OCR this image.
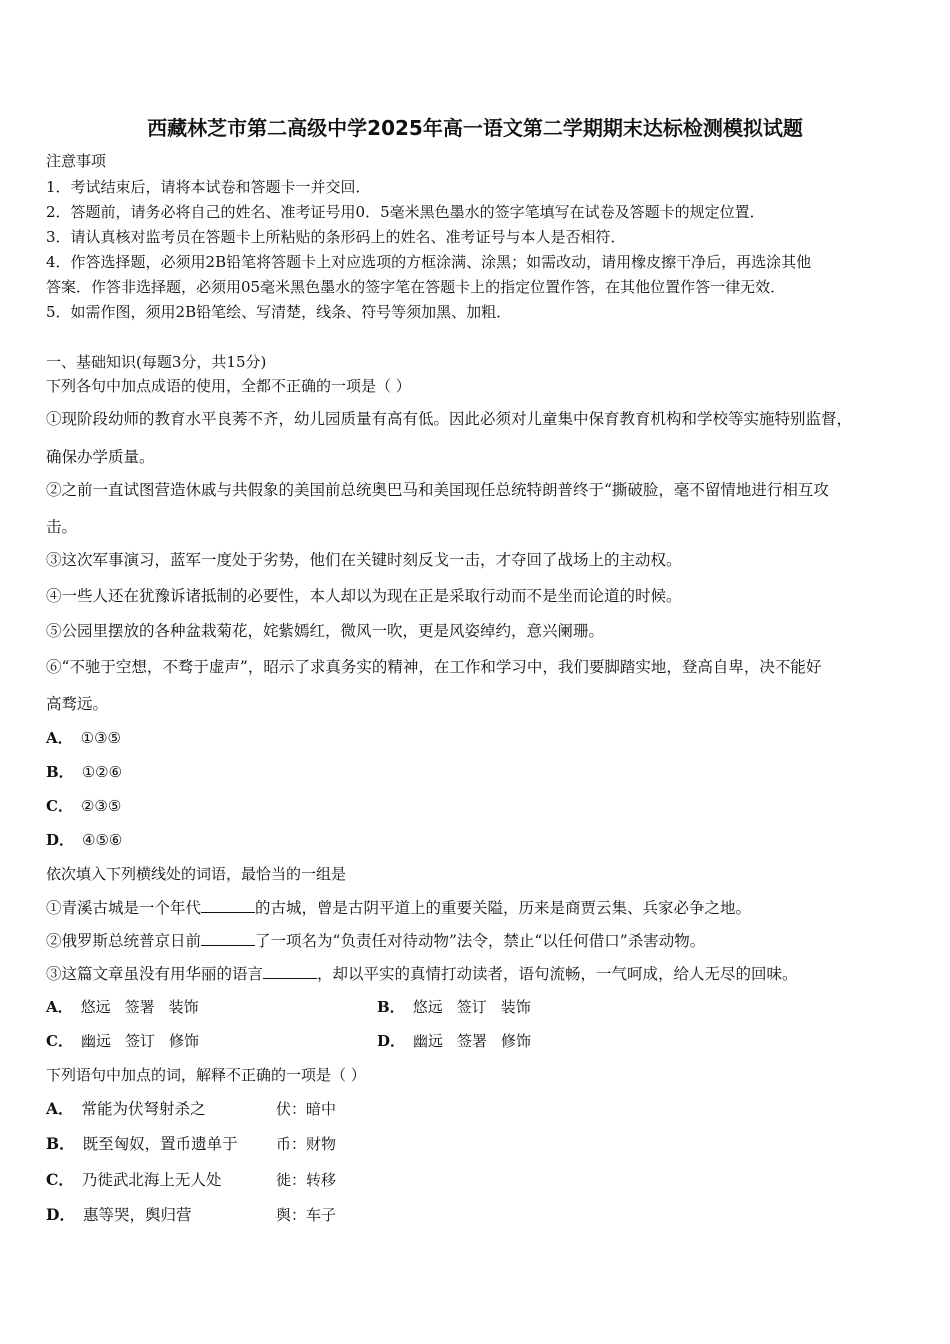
西藏林芝市第二高级中学2025年高一语文第二学期期末达标检测模拟试题
注意事项
1．考试结束后，请将本试卷和答题卡一并交回．
2．答题前，请务必将自己的姓名、准考证号用0．5毫米黑色墨水的签字笔填写在试卷及答题卡的规定位置．
3．请认真核对监考员在答题卡上所粘贴的条形码上的姓名、准考证号与本人是否相符．
4．作答选择题，必须用2B铅笔将答题卡上对应选项的方框涂满、涂黑；如需改动，请用橡皮擦干净后，再选涂其他
答案．作答非选择题，必须用05毫米黑色墨水的签字笔在答题卡上的指定位置作答，在其他位置作答一律无效．
5．如需作图，须用2B铅笔绘、写清楚，线条、符号等须加黑、加粗．
一、基础知识(每题3分，共15分)
下列各句中加点成语的使用，全都不正确的一项是（ ）
①现阶段幼师的教育水平良莠不齐，幼儿园质量有高有低。因此必须对儿童集中保育教育机构和学校等实施特别监督，
确保办学质量。
②之前一直试图营造休戚与共假象的美国前总统奥巴马和美国现任总统特朗普终于“撕破脸，毫不留情地进行相互攻
击。
③这次军事演习，蓝军一度处于劣势，他们在关键时刻反戈一击，才夺回了战场上的主动权。
④一些人还在犹豫诉诸抵制的必要性，本人却以为现在正是采取行动而不是坐而论道的时候。
⑤公园里摆放的各种盆栽菊花，姹紫嫣红，微风一吹，更是风姿绰约，意兴阑珊。
⑥“不驰于空想，不骛于虚声”，昭示了求真务实的精神，在工作和学习中，我们要脚踏实地，登高自卑，决不能好
高骛远。
A． ①③⑤
B． ①②⑥
C． ②③⑤
D． ④⑤⑥
依次填入下列横线处的词语，最恰当的一组是
①青溪古城是一个年代	的古城，曾是古阴平道上的重要关隘，历来是商贾云集、兵家必争之地。
②俄罗斯总统普京日前	了一项名为“负责任对待动物”法令，禁止“以任何借口”杀害动物。
③这篇文章虽没有用华丽的语言	，却以平实的真情打动读者，语句流畅，一气呵成，给人无尽的回味。
A． 悠远 签署 装饰	B． 悠远 签订 装饰
C． 幽远 签订 修饰	D． 幽远 签署 修饰
下列语句中加点的词，解释不正确的一项是（ ）
A． 常能为伏弩射杀之	伏：暗中
B． 既至匈奴，置币遗单于	币：财物
C． 乃徙武北海上无人处	徙：转移
D． 惠等哭，舆归营	舆：车子
